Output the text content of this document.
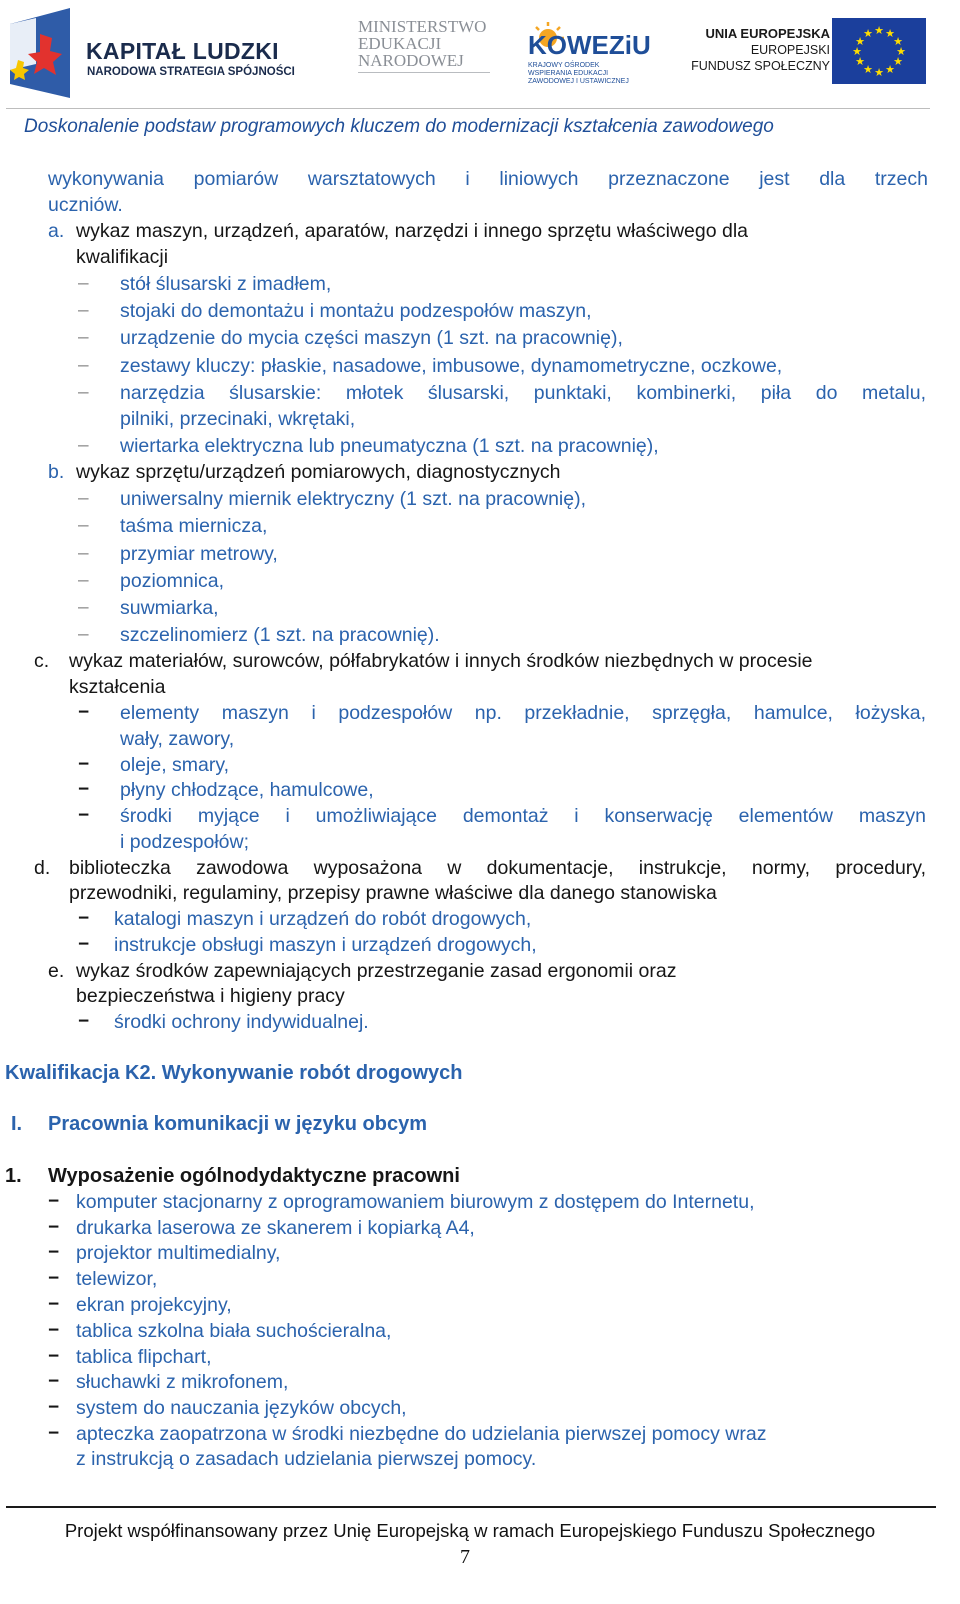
KAPITAŁ LUDZKI
NARODOWA STRATEGIA SPÓJNOŚCI
MINISTERSTWO
EDUKACJI
NARODOWEJ
KOWEZiU
KRAJOWY OŚRODEK WSPIERANIA EDUKACJI ZAWODOWEJ I USTAWICZNEJ
UNIA EUROPEJSKA
EUROPEJSKI
FUNDUSZ SPOŁECZNY
★ ★
★
★
★
★
★
★
★
★
★
★
Doskonalenie podstaw programowych kluczem do modernizacji kształcenia zawodowego
wykonywania pomiarów warsztatowych i liniowych przeznaczone jest dla trzech
uczniów.
a. wykaz maszyn, urządzeń, aparatów, narzędzi i innego sprzętu właściwego dla
kwalifikacji
– stół ślusarski z imadłem,
– stojaki do demontażu i montażu podzespołów maszyn,
– urządzenie do mycia części maszyn (1 szt. na pracownię),
– zestawy kluczy: płaskie, nasadowe, imbusowe, dynamometryczne, oczkowe,
– narzędzia ślusarskie: młotek ślusarski, punktaki, kombinerki, piła do metalu,
pilniki, przecinaki, wkrętaki,
– wiertarka elektryczna lub pneumatyczna (1 szt. na pracownię),
b. wykaz sprzętu/urządzeń pomiarowych, diagnostycznych
– uniwersalny miernik elektryczny (1 szt. na pracownię),
– taśma miernicza,
– przymiar metrowy,
– poziomnica,
– suwmiarka,
– szczelinomierz (1 szt. na pracownię).
c. wykaz materiałów, surowców, półfabrykatów i innych środków niezbędnych w procesie
kształcenia
− elementy maszyn i podzespołów np. przekładnie, sprzęgła, hamulce, łożyska,
wały, zawory,
− oleje, smary,
− płyny chłodzące, hamulcowe,
− środki myjące i umożliwiające demontaż i konserwację elementów maszyn
i podzespołów;
d. biblioteczka zawodowa wyposażona w dokumentacje, instrukcje, normy, procedury,
przewodniki, regulaminy, przepisy prawne właściwe dla danego stanowiska
− katalogi maszyn i urządzeń do robót drogowych,
− instrukcje obsługi maszyn i urządzeń drogowych,
e. wykaz środków zapewniających przestrzeganie zasad ergonomii oraz
bezpieczeństwa i higieny pracy
− środki ochrony indywidualnej.
Kwalifikacja K2. Wykonywanie robót drogowych
I. Pracownia komunikacji w języku obcym
1. Wyposażenie ogólnodydaktyczne pracowni
− komputer stacjonarny z oprogramowaniem biurowym z dostępem do Internetu,
− drukarka laserowa ze skanerem i kopiarką A4,
− projektor multimedialny,
− telewizor,
− ekran projekcyjny,
− tablica szkolna biała suchościeralna,
− tablica flipchart,
− słuchawki z mikrofonem,
− system do nauczania języków obcych,
− apteczka zaopatrzona w środki niezbędne do udzielania pierwszej pomocy wraz
z instrukcją o zasadach udzielania pierwszej pomocy.
Projekt współfinansowany przez Unię Europejską w ramach Europejskiego Funduszu Społecznego
7
